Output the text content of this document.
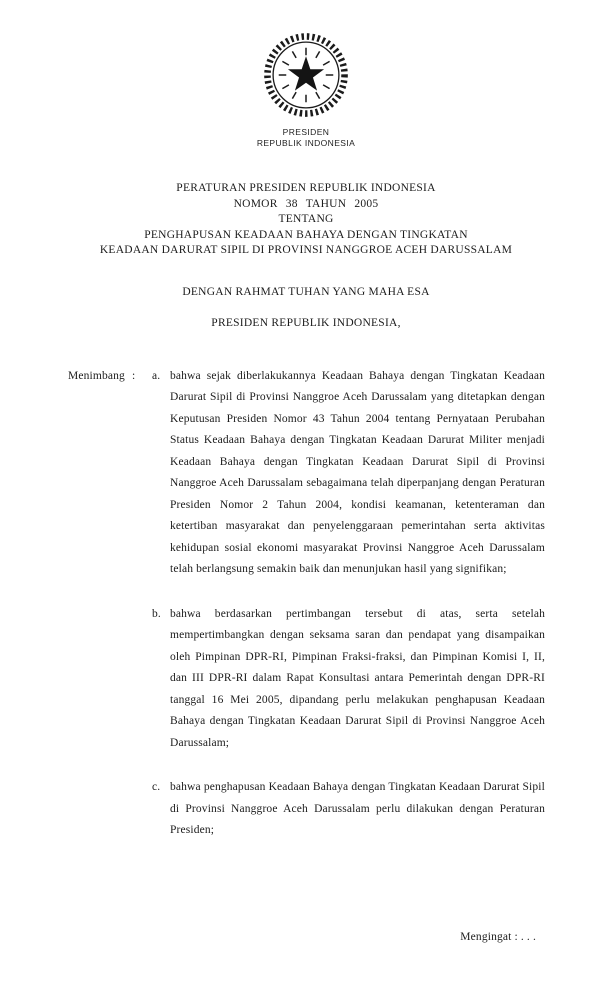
PRESIDEN
REPUBLIK INDONESIA
PERATURAN PRESIDEN REPUBLIK INDONESIA
NOMOR 38 TAHUN 2005
TENTANG
PENGHAPUSAN KEADAAN BAHAYA DENGAN TINGKATAN
KEADAAN DARURAT SIPIL DI PROVINSI NANGGROE ACEH DARUSSALAM

DENGAN RAHMAT TUHAN YANG MAHA ESA

PRESIDEN REPUBLIK INDONESIA,

Menimbang :	a. bahwa sejak diberlakukannya Keadaan Bahaya dengan Tingkatan Keadaan Darurat Sipil di Provinsi Nanggroe Aceh Darussalam yang ditetapkan dengan Keputusan Presiden Nomor 43 Tahun 2004 tentang Pernyataan Perubahan Status Keadaan Bahaya dengan Tingkatan Keadaan Darurat Militer menjadi Keadaan Bahaya dengan Tingkatan Keadaan Darurat Sipil di Provinsi Nanggroe Aceh Darussalam sebagaimana telah diperpanjang dengan Peraturan Presiden Nomor 2 Tahun 2004, kondisi keamanan, ketenteraman dan ketertiban masyarakat dan penyelenggaraan pemerintahan serta aktivitas kehidupan sosial ekonomi masyarakat Provinsi Nanggroe Aceh Darussalam telah berlangsung semakin baik dan menunjukan hasil yang signifikan;
b. bahwa berdasarkan pertimbangan tersebut di atas, serta setelah mempertimbangkan dengan seksama saran dan pendapat yang disampaikan oleh Pimpinan DPR-RI, Pimpinan Fraksi-fraksi, dan Pimpinan Komisi I, II, dan III DPR-RI dalam Rapat Konsultasi antara Pemerintah dengan DPR-RI tanggal 16 Mei 2005, dipandang perlu melakukan penghapusan Keadaan Bahaya dengan Tingkatan Keadaan Darurat Sipil di Provinsi Nanggroe Aceh Darussalam;
c. bahwa penghapusan Keadaan Bahaya dengan Tingkatan Keadaan Darurat Sipil di Provinsi Nanggroe Aceh Darussalam perlu dilakukan dengan Peraturan Presiden;
Mengingat : . . .
